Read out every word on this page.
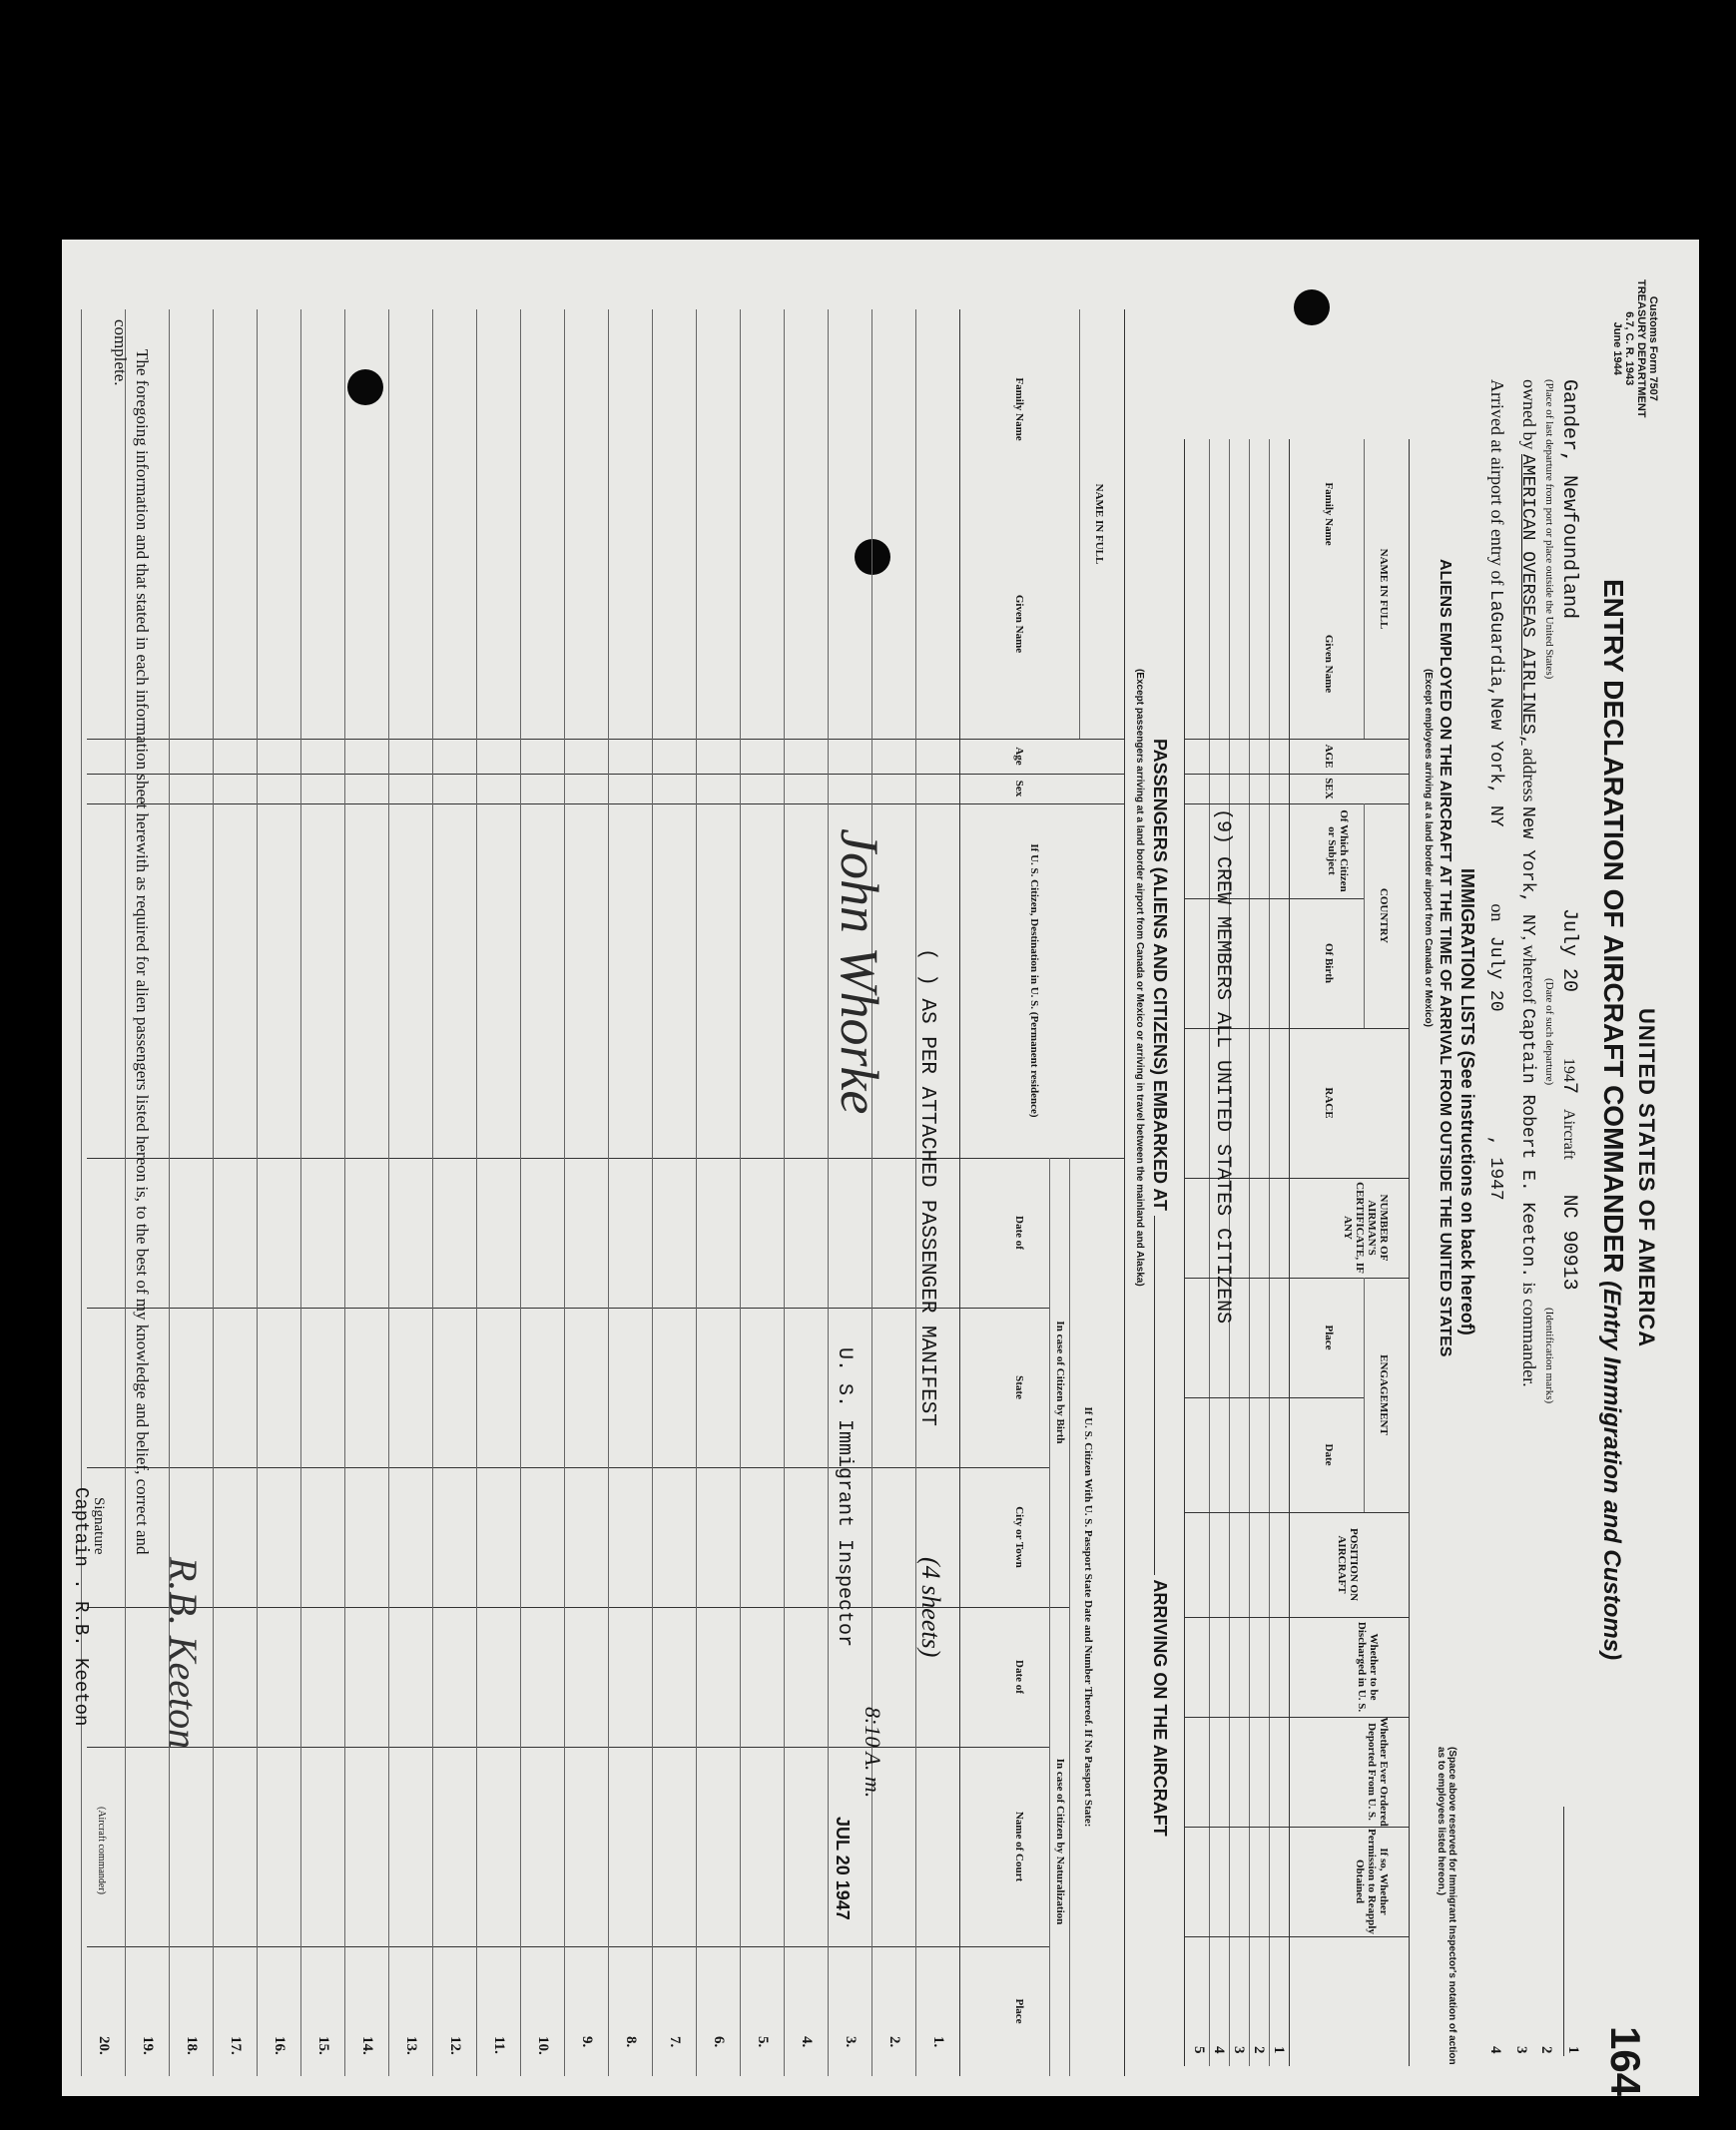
Customs Form 7507
TREASURY DEPARTMENT
6.7, C. R. 1943
June 1944
164
UNITED STATES OF AMERICA
ENTRY DECLARATION OF AIRCRAFT COMMANDER (Entry Immigration and Customs)
Gander, NewfoundlandJuly 201947 Aircraft NC 90913
(Place of last departure from port or place outside the United States)(Date of such departure)(Identification marks)
owned by AMERICAN OVERSEAS AIRLINES, address New York, NY, whereof Captain Robert E. Keeton. is commander.
Arrived at airport of entry of LaGuardia,New York, NY on July 20, 1947
1
2
3
4
IMMIGRATION LISTS (See instructions on back hereof)
ALIENS EMPLOYED ON THE AIRCRAFT AT THE TIME OF ARRIVAL FROM OUTSIDE THE UNITED STATES
(Except employees arriving at a land border airport from Canada or Mexico)
(Space above reserved for Immigrant Inspector's notation of action as to employees listed hereon.)
NAME IN FULL
Family Name
Given Name
AGE
SEX
COUNTRY
Of Which Citizen or Subject
Of Birth
RACE
NUMBER OF AIRMAN'S CERTIFICATE, IF ANY
ENGAGEMENT
Place
Date
POSITION ON AIRCRAFT
Whether to be Discharged in U. S.
Whether Ever Ordered Deported From U. S.
If so, Whether Permission to Reapply Obtained
(9) CREW MEMBERS ALL UNITED STATES CITIZENS
1
2
3
4
5
PASSENGERS (ALIENS AND CITIZENS) EMBARKED AT  ARRIVING ON THE AIRCRAFT
(Except passengers arriving at a land border airport from Canada or Mexico or arriving in travel between the mainland and Alaska)
NAME IN FULL
Family Name
Given Name
Age
Sex
If U. S. Citizen, Destination in U. S. (Permanent residence)
If U. S. Citizen With U. S. Passport State Date and Number Thereof. If No Passport State:
In case of Citizen by Birth
In case of Citizen by Naturalization
Date of
State
City or Town
Date of
Name of Court
Place
1.
2.
3.
4.
5.
6.
7.
8.
9.
10.
11.
12.
13.
14.
15.
16.
17.
18.
19.
20.
( ) AS PER ATTACHED PASSENGER MANIFEST
(4 sheets)
John Whorke
U. S. Immigrant Inspector
8:10 A. m.
JUL 20 1947
The foregoing information and that stated in each information sheet herewith as required for alien passengers listed hereon is, to the best of my knowledge and belief, correct and
complete.
R.B. Keeton
Signature
Captain . R.B. Keeton
(Aircraft commander)
